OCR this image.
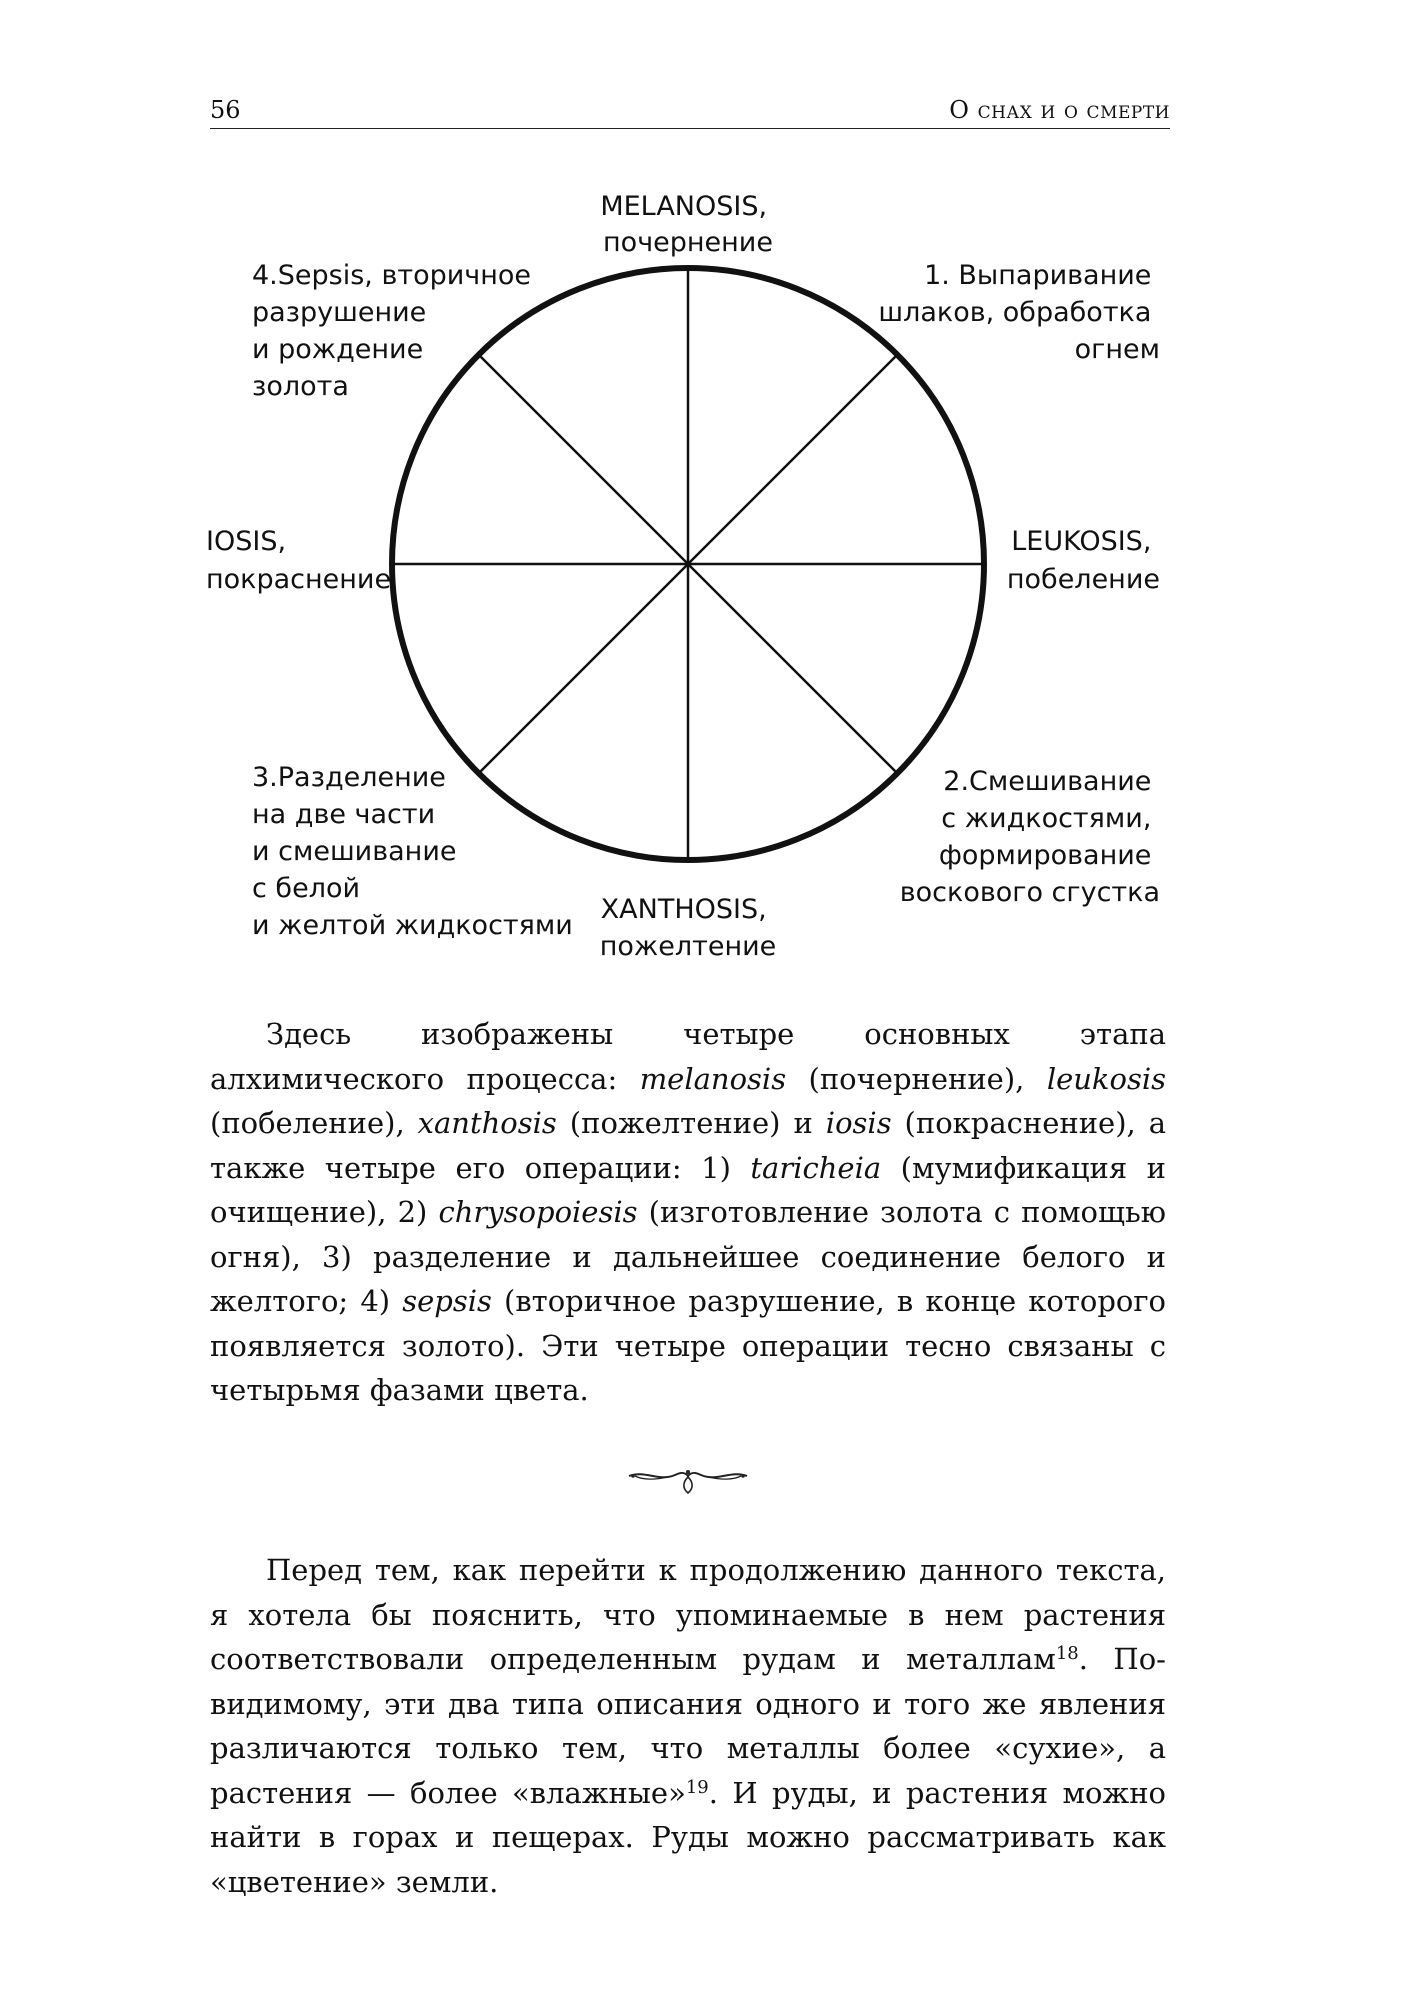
56	О снах и о смерти
MELANOSIS, почернение
4.Sepsis, вторичное разрушение и рождение золота
1. Выпаривание шлаков, обработка огнем
IOSIS, покраснение
LEUKOSIS, побеление
3.Разделение на две части и смешивание с белой и желтой жидкостями
2.Смешивание с жидкостями, формирование воскового сгустка
XANTHOSIS, пожелтение

Здесь изображены четыре основных этапа алхимического процесса: melanosis (почернение), leukosis (побеление), xanthosis (пожелтение) и iosis (покраснение), а также четыре его операции: 1) taricheia (мумификация и очищение), 2) chrysopoiesis (изготовление золота с помощью огня), 3) разделение и дальнейшее соединение белого и желтого; 4) sepsis (вторичное разрушение, в конце которого появляется золото). Эти четыре операции тесно связаны с четырьмя фазами цвета.

Перед тем, как перейти к продолжению данного текста, я хотела бы пояснить, что упоминаемые в нем растения соответствовали определенным рудам и металлам$^{18}$. По-видимому, эти два типа описания одного и того же явления различаются только тем, что металлы более «сухие», а растения — более «влажные»$^{19}$. И руды, и растения можно найти в горах и пещерах. Руды можно рассматривать как «цветение» земли.
